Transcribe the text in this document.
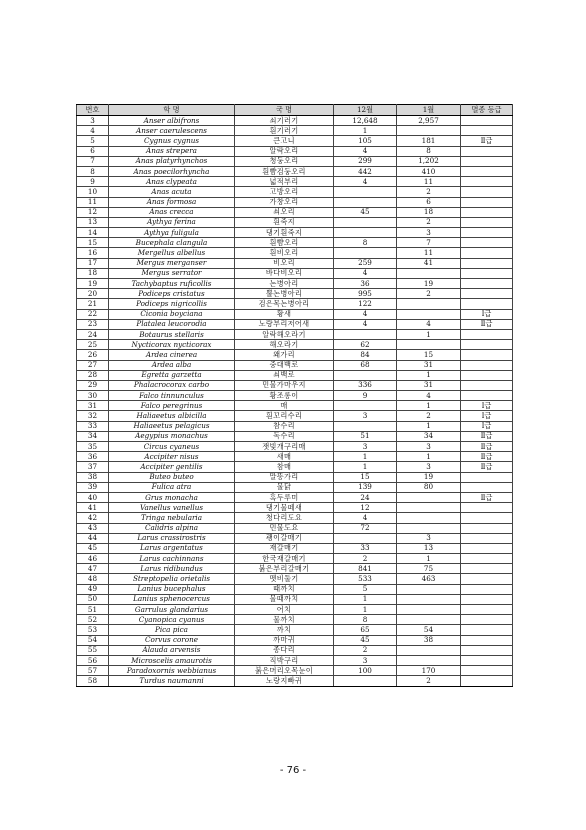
번호	학 명	국 명	12월	1월	멸종 등급
3	Anser albifrons	쇠기러기	12,648	2,957	
4	Anser caerulescens	흰기러기	1		
5	Cygnus cygnus	큰고니	105	181	Ⅱ급
6	Anas strepera	알락오리	4	8	
7	Anas platyrhynchos	청둥오리	299	1,202	
8	Anas poecilorhyncha	흰뺨검둥오리	442	410	
9	Anas clypeata	넓적부리	4	11	
10	Anas acuta	고방오리		2	
11	Anas formosa	가창오리		6	
12	Anas crecca	쇠오리	45	18	
13	Aythya ferina	흰죽지		2	
14	Aythya fuligula	댕기흰죽지		3	
15	Bucephala clangula	흰뺨오리	8	7	
16	Mergellus albellus	흰비오리		11	
17	Mergus merganser	비오리	259	41	
18	Mergus serrator	바다비오리	4		
19	Tachybaptus ruficollis	논병아리	36	19	
20	Podiceps cristatus	뿔논병아리	995	2	
21	Podiceps nigricollis	검은목논병아리	122		
22	Ciconia boyciana	황새	4		Ⅰ급
23	Platalea leucorodia	노랑부리저어새	4	4	Ⅱ급
24	Botaurus stellaris	알락해오라기		1	
25	Nycticorax nycticorax	해오라기	62		
26	Ardea cinerea	왜가리	84	15	
27	Ardea alba	중대백로	68	31	
28	Egretta garzetta	쇠백로		1	
29	Phalacrocorax carbo	민물가마우지	336	31	
30	Falco tinnunculus	황조롱이	9	4	
31	Falco peregrinus	매		1	Ⅰ급
32	Haliaeetus albicilla	흰꼬리수리	3	2	Ⅰ급
33	Haliaeetus pelagicus	참수리		1	Ⅰ급
34	Aegypius monachus	독수리	51	34	Ⅱ급
35	Circus cyaneus	잿빛개구리매	3	3	Ⅱ급
36	Accipiter nisus	새매	1	1	Ⅱ급
37	Accipiter gentilis	참매	1	3	Ⅱ급
38	Buteo buteo	말똥가리	15	19	
39	Fulica atra	물닭	139	80	
40	Grus monacha	흑두루미	24		Ⅱ급
41	Vanellus vanellus	댕기물떼새	12		
42	Tringa nebularia	청다리도요	4		
43	Calidris alpina	민물도요	72		
44	Larus crassirostris	괭이갈매기		3	
45	Larus argentatus	재갈매기	33	13	
46	Larus cachinnans	한국재갈매기	2	1	
47	Larus ridibundus	붉은부리갈매기	841	75	
48	Streptopelia orietalis	멧비둘기	533	463	
49	Lanius bucephalus	때까치	5		
50	Lanius sphenocercus	물때까치	1		
51	Garrulus glandarius	어치	1		
52	Cyanopica cyanus	물까치	8		
53	Pica pica	까치	65	54	
54	Corvus corone	까마귀	45	38	
55	Alauda arvensis	종다리	2		
56	Microscelis amaurotis	직박구리	3		
57	Paradoxornis webbianus	붉은머리오목눈이	100	170	
58	Turdus naumanni	노랑지빠귀		2	
- 76 -
